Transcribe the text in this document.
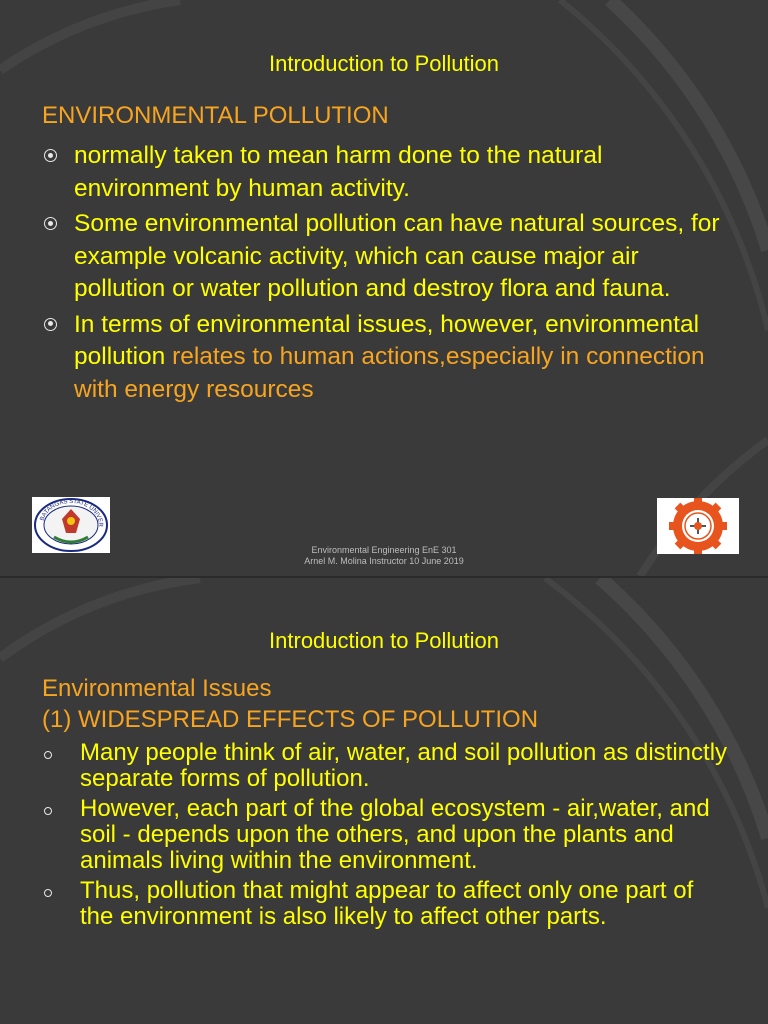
Introduction to Pollution
ENVIRONMENTAL POLLUTION
normally taken to mean harm done to the natural environment by human activity.
Some environmental pollution can have natural sources, for example volcanic activity, which can cause major air pollution or water pollution and destroy flora and fauna.
In terms of environmental issues, however, environmental pollution relates to human actions,especially in connection with energy resources
BATANGAS STATE UNIVER
Environmental Engineering EnE 301
Arnel M. Molina Instructor 10 June 2019
Introduction to Pollution
Environmental Issues
(1) WIDESPREAD EFFECTS OF POLLUTION
Many people think of air, water, and soil pollution as distinctly separate forms of pollution.
However, each part of the global ecosystem - air,water, and soil - depends upon the others, and upon the plants and animals living within the environment.
Thus, pollution that might appear to affect only one part of the environment is also likely to affect other parts.
